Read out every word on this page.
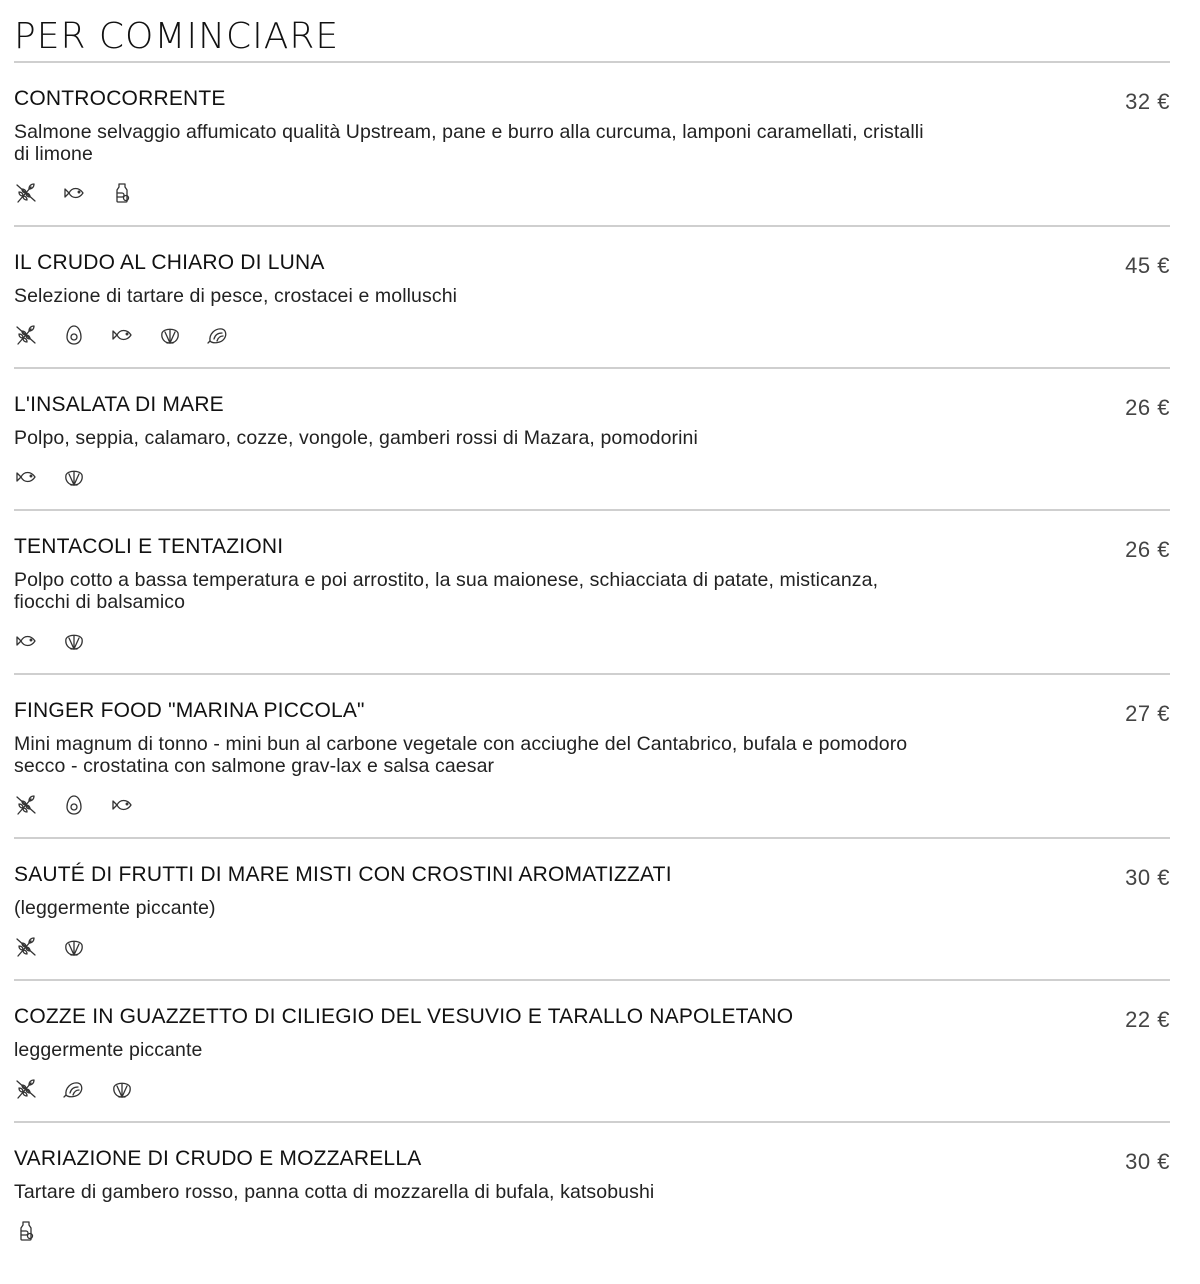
PER COMINCIARE
CONTROCORRENTE	32 €
Salmone selvaggio affumicato qualità Upstream, pane e burro alla curcuma, lamponi caramellati, cristalli di limone
IL CRUDO AL CHIARO DI LUNA	45 €
Selezione di tartare di pesce, crostacei e molluschi
L'INSALATA DI MARE	26 €
Polpo, seppia, calamaro, cozze, vongole, gamberi rossi di Mazara, pomodorini
TENTACOLI E TENTAZIONI	26 €
Polpo cotto a bassa temperatura e poi arrostito, la sua maionese, schiacciata di patate, misticanza, fiocchi di balsamico
FINGER FOOD "MARINA PICCOLA"	27 €
Mini magnum di tonno - mini bun al carbone vegetale con acciughe del Cantabrico, bufala e pomodoro secco - crostatina con salmone grav-lax e salsa caesar
SAUTÉ DI FRUTTI DI MARE MISTI CON CROSTINI AROMATIZZATI	30 €
(leggermente piccante)
COZZE IN GUAZZETTO DI CILIEGIO DEL VESUVIO E TARALLO NAPOLETANO	22 €
leggermente piccante
VARIAZIONE DI CRUDO E MOZZARELLA	30 €
Tartare di gambero rosso, panna cotta di mozzarella di bufala, katsobushi
